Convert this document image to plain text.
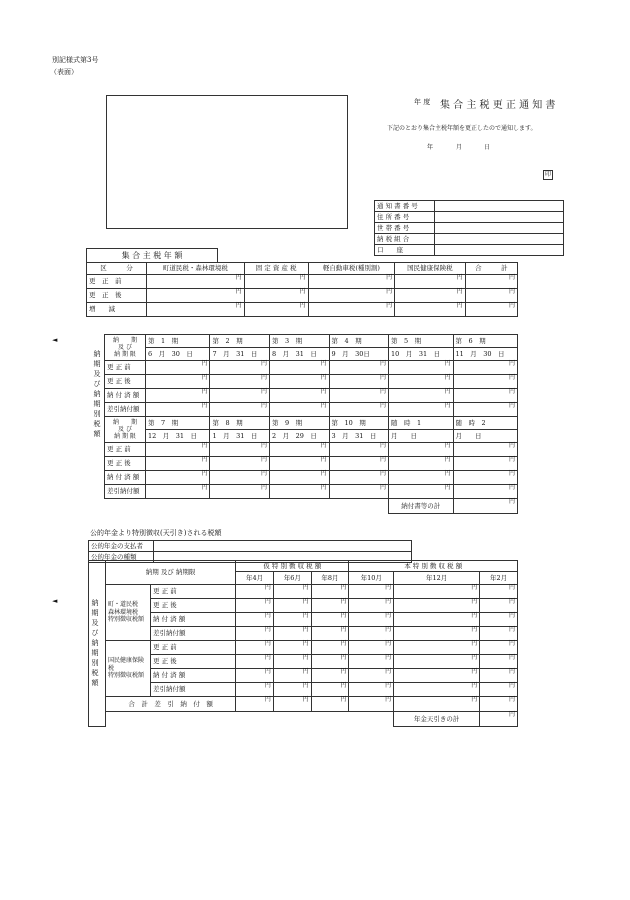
別記様式第3号
（表面）
年 度 集 合 主 税 更 正 通 知 書
下記のとおり集合主税年額を更正したので通知します。
年	月	日
印
通 知 書 番 号	
住 所 番 号	
世 帯 番 号	
納 税 組 合	
口　　座	
集 合 主 税 年 額
区　　　分	町道民税・森林環境税	固 定 資 産 税	軽自動車税(種別割)	国民健康保険税	合　　　計
更　正　前	円	円	円	円	円
更　正　後	円	円	円	円	円
増　　減	円	円	円	円	円
◄
納期及び納期別税額
納　　期
及 び
納 期 限	第　1　期	第　2　期	第　3　期	第　4　期	第　5　期	第　6　期
	6　月　30　日	7　月　31　日	8　月　31　日	9　月　30日	10　月　31　日	11　月　30　日
更 正 前	円	円	円	円	円	円
更 正 後	円	円	円	円	円	円
納 付 済 額	円	円	円	円	円	円
差引納付額	円	円	円	円	円	円
納　　期
及 び
納 期 限	第　7　期	第　8　期	第　9　期	第　10　期	随　時　1	随　時　2
	12　月　31　日	1　月　31　日	2　月　29　日	3　月　31　日	月　　日	月　　日
更 正 前	円	円	円	円	円	円
更 正 後	円	円	円	円	円	円
納 付 済 額	円	円	円	円	円	円
差引納付額	円	円	円	円	円	円
					納付書等の計	円
公的年金より特別徴収(天引き)される税額
公的年金の支払者	
公的年金の種類	
◄	納期及び納期別税額	納期 及び 納期限		仮 特 別 徴 収 税 額			本 特 別 徴 収 税 額		
			年4月	年6月	年8月	年10月	年12月	年2月
	町・道民税
森林環境税
特別徴収税額	更 正 前	円	円	円	円	円	円
		更 正 後	円	円	円	円	円	円
		納 付 済 額	円	円	円	円	円	円
		差引納付額	円	円	円	円	円	円
	国民健康保険税
特別徴収税額	更 正 前	円	円	円	円	円	円
		更 正 後	円	円	円	円	円	円
		納 付 済 額	円	円	円	円	円	円
		差引納付額	円	円	円	円	円	円
	合　計　差　引　納　付　額		円	円	円	円	円	円
							年金天引きの計	円
